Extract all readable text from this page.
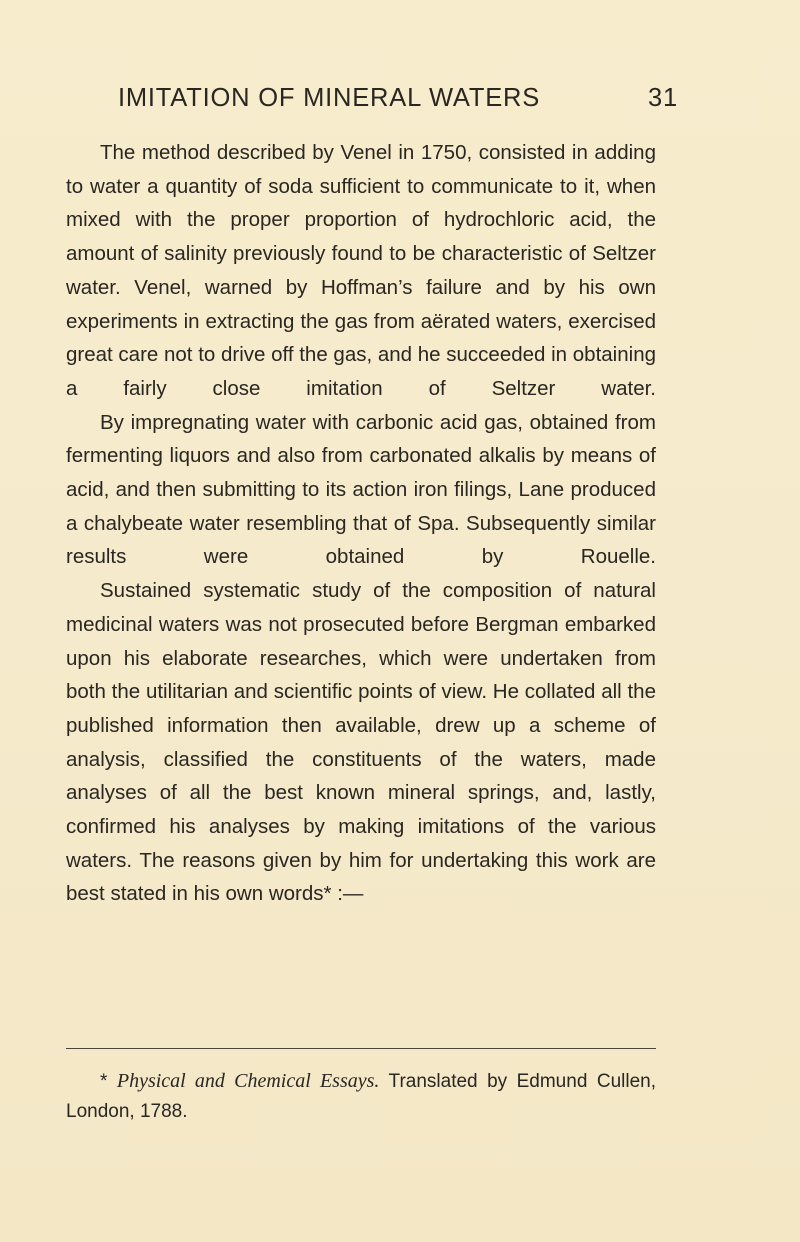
IMITATION OF MINERAL WATERS	31

The method described by Venel in 1750, consisted in adding to water a quantity of soda sufficient to communicate to it, when mixed with the proper proportion of hydrochloric acid, the amount of salinity previously found to be characteristic of Seltzer water. Venel, warned by Hoffman’s failure and by his own experiments in extracting the gas from aërated waters, exercised great care not to drive off the gas, and he succeeded in obtaining a fairly close imitation of Seltzer water.

By impregnating water with carbonic acid gas, obtained from fermenting liquors and also from carbonated alkalis by means of acid, and then submitting to its action iron filings, Lane produced a chalybeate water resembling that of Spa. Subsequently similar results were obtained by Rouelle.

Sustained systematic study of the composition of natural medicinal waters was not prosecuted before Bergman embarked upon his elaborate researches, which were undertaken from both the utilitarian and scientific points of view. He collated all the published information then available, drew up a scheme of analysis, classified the constituents of the waters, made analyses of all the best known mineral springs, and, lastly, confirmed his analyses by making imitations of the various waters. The reasons given by him for undertaking this work are best stated in his own words* :—

* Physical and Chemical Essays. Translated by Edmund Cullen, London, 1788.
